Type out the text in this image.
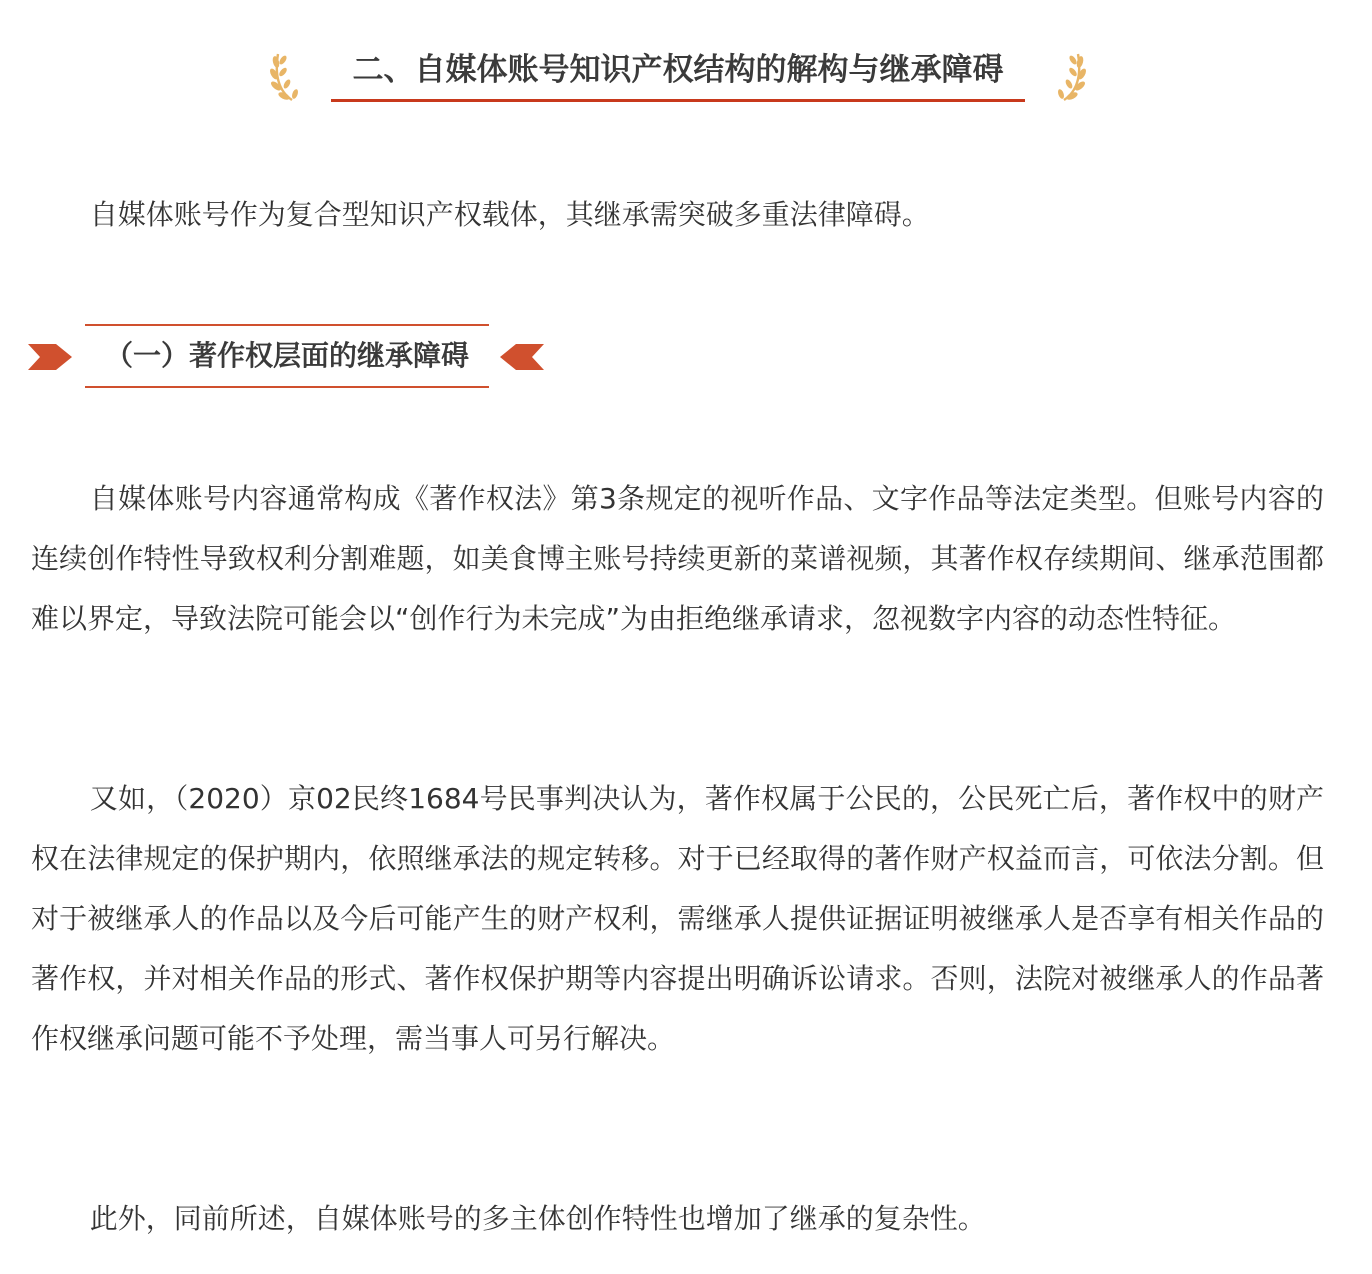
二、自媒体账号知识产权结构的解构与继承障碍

自媒体账号作为复合型知识产权载体，其继承需突破多重法律障碍。

（一）著作权层面的继承障碍

自媒体账号内容通常构成《著作权法》第3条规定的视听作品、文字作品等法定类型。但账号内容的连续创作特性导致权利分割难题，如美食博主账号持续更新的菜谱视频，其著作权存续期间、继承范围都难以界定，导致法院可能会以“创作行为未完成”为由拒绝继承请求，忽视数字内容的动态性特征。

又如，（2020）京02民终1684号民事判决认为，著作权属于公民的，公民死亡后，著作权中的财产权在法律规定的保护期内，依照继承法的规定转移。对于已经取得的著作财产权益而言，可依法分割。但对于被继承人的作品以及今后可能产生的财产权利，需继承人提供证据证明被继承人是否享有相关作品的著作权，并对相关作品的形式、著作权保护期等内容提出明确诉讼请求。否则，法院对被继承人的作品著作权继承问题可能不予处理，需当事人可另行解决。

此外，同前所述，自媒体账号的多主体创作特性也增加了继承的复杂性。
